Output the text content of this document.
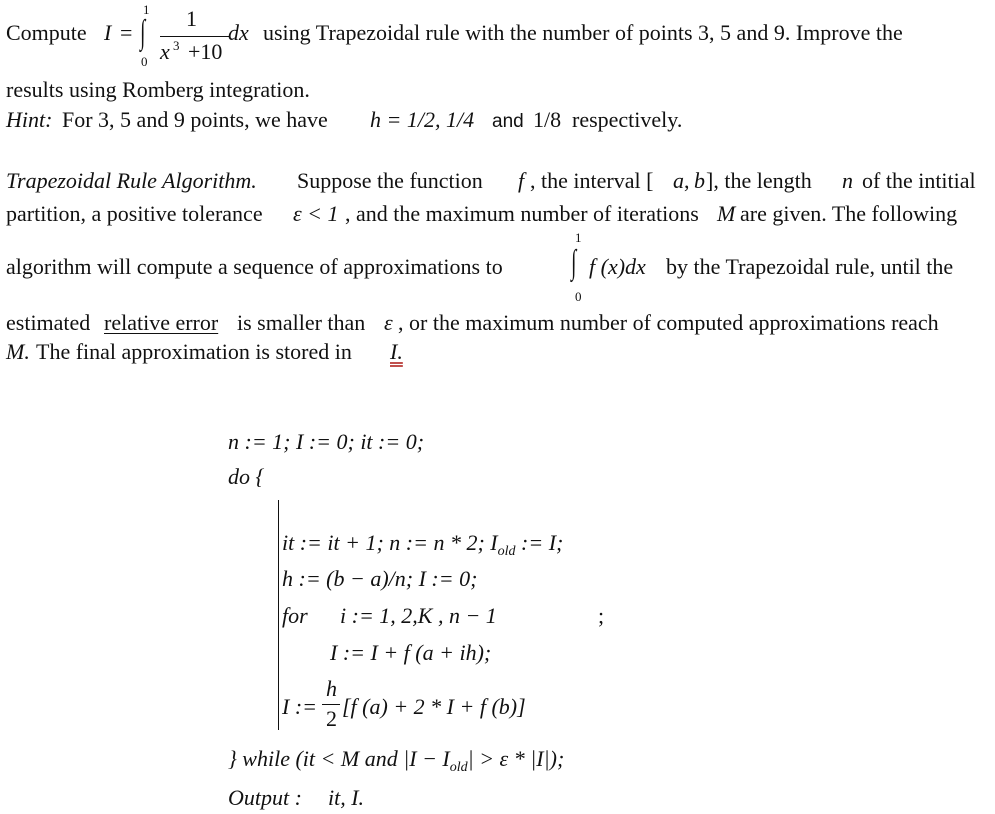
Compute I = ∫
1
0
1
x 3 +10
dx using Trapezoidal rule with the number of points 3, 5 and 9. Improve the
results using Romberg integration.
Hint: For 3, 5 and 9 points, we have h = 1/2, 1/4 and 1/8 respectively.
Trapezoidal Rule Algorithm. Suppose the function f , the interval [ a , b ], the length n of the intitial
partition, a positive tolerance ε < 1 , and the maximum number of iterations M are given. The following
algorithm will compute a sequence of approximations to
1
∫
0
f (x)dx by the Trapezoidal rule, until the
estimated relative error is smaller than ε , or the maximum number of computed approximations reach
M. The final approximation is stored in I.
n := 1; I := 0; it := 0;
do {
it := it + 1; n := n * 2; $I_{old}$ := I;
h := (b − a)/n; I := 0;
for i := 1, 2,K , n − 1	;
I := I + f (a + ih);
I :=
h
2 [f (a) + 2 * I + f (b)]
} while (it < M and $|I - I_{old}| > \varepsilon * |I|$);
Output : it, I.
